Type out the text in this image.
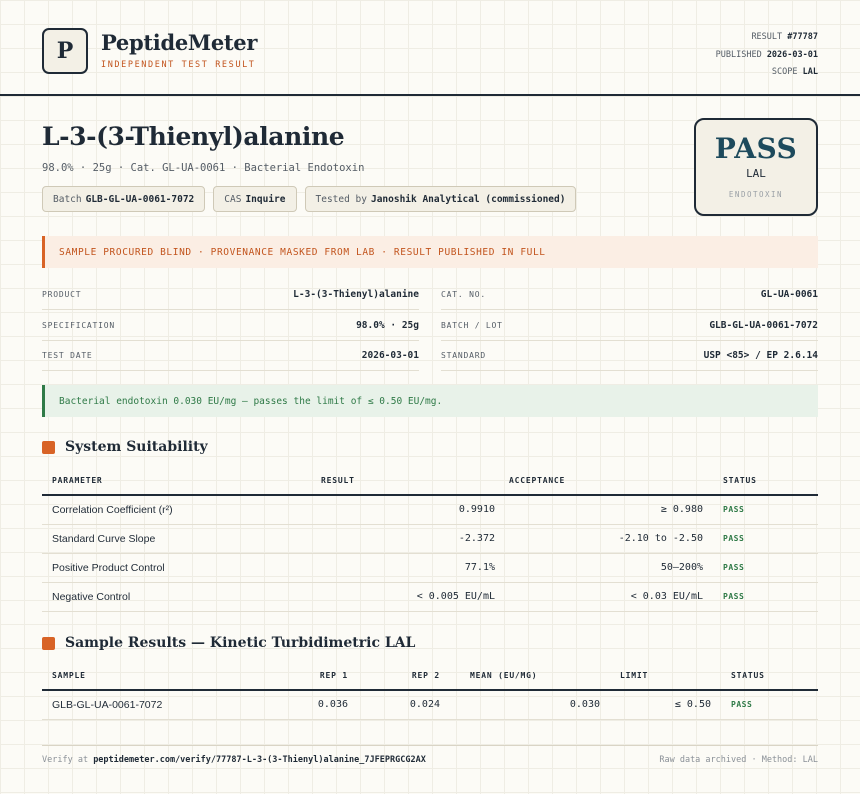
P	PeptideMeter
INDEPENDENT TEST RESULT
RESULT #77787
PUBLISHED 2026-03-01
SCOPE LAL
L-3-(3-Thienyl)alanine
98.0% · 25g · Cat. GL-UA-0061 · Bacterial Endotoxin
Batch GLB-GL-UA-0061-7072	CAS Inquire	Tested by Janoshik Analytical (commissioned)
PASS
LAL
ENDOTOXIN
SAMPLE PROCURED BLIND · PROVENANCE MASKED FROM LAB · RESULT PUBLISHED IN FULL
PRODUCT	L-3-(3-Thienyl)alanine	CAT. NO.	GL-UA-0061
SPECIFICATION	98.0% · 25g	BATCH / LOT	GLB-GL-UA-0061-7072
TEST DATE	2026-03-01	STANDARD	USP <85> / EP 2.6.14
Bacterial endotoxin 0.030 EU/mg — passes the limit of ≤ 0.50 EU/mg.
System Suitability
PARAMETER	RESULT	ACCEPTANCE	STATUS
Correlation Coefficient (r²)	0.9910	≥ 0.980	PASS
Standard Curve Slope	-2.372	-2.10 to -2.50	PASS
Positive Product Control	77.1%	50–200%	PASS
Negative Control	< 0.005 EU/mL	< 0.03 EU/mL	PASS
Sample Results — Kinetic Turbidimetric LAL
SAMPLE	REP 1	REP 2	MEAN (EU/MG)	LIMIT	STATUS
GLB-GL-UA-0061-7072	0.036	0.024	0.030	≤ 0.50	PASS
Verify at peptidemeter.com/verify/77787-L-3-(3-Thienyl)alanine_7JFEPRGCG2AX	Raw data archived · Method: LAL
